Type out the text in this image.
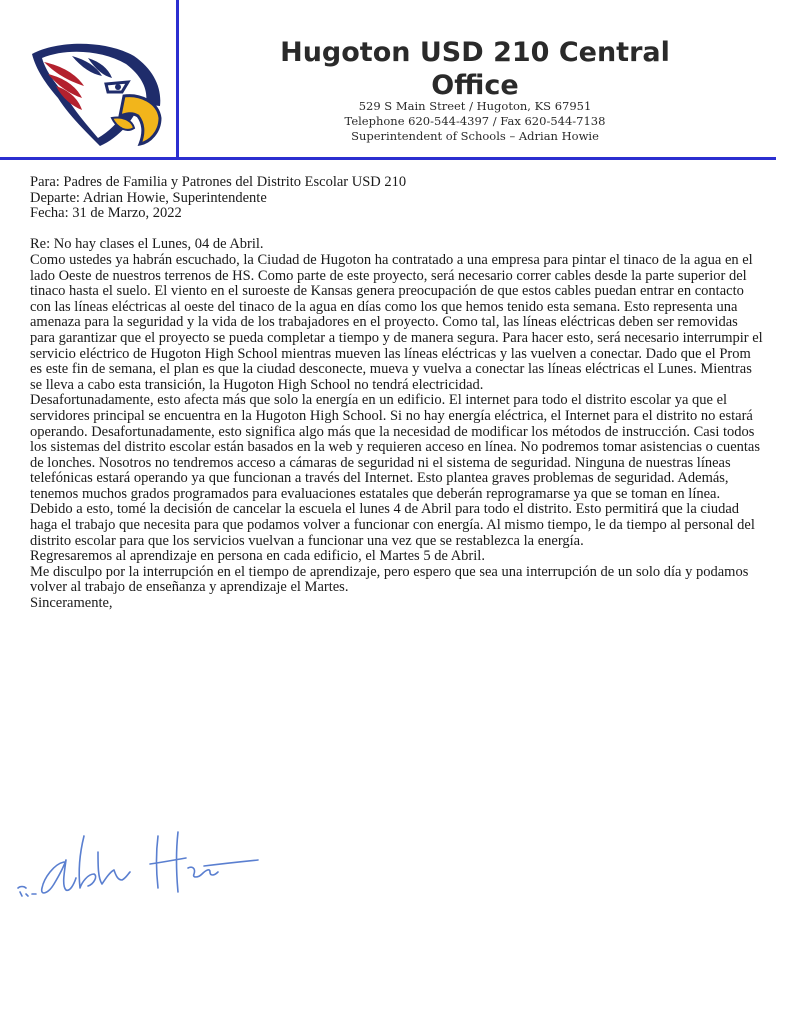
Hugoton USD 210 Central
Office
529 S Main Street / Hugoton, KS 67951
Telephone 620-544-4397 / Fax 620-544-7138
Superintendent of Schools – Adrian Howie

Para: Padres de Familia y Patrones del Distrito Escolar USD 210

Departe: Adrian Howie, Superintendente

Fecha: 31 de Marzo, 2022

Re: No hay clases el Lunes, 04 de Abril.

Como ustedes ya habrán escuchado, la Ciudad de Hugoton ha contratado a una empresa para pintar el tinaco de la agua en el lado Oeste de nuestros terrenos de HS. Como parte de este proyecto, será necesario correr cables desde la parte superior del tinaco hasta el suelo. El viento en el suroeste de Kansas genera preocupación de que estos cables puedan entrar en contacto con las líneas eléctricas al oeste del tinaco de la agua en días como los que hemos tenido esta semana. Esto representa una amenaza para la seguridad y la vida de los trabajadores en el proyecto. Como tal, las líneas eléctricas deben ser removidas para garantizar que el proyecto se pueda completar a tiempo y de manera segura. Para hacer esto, será necesario interrumpir el servicio eléctrico de Hugoton High School mientras mueven las líneas eléctricas y las vuelven a conectar. Dado que el Prom es este fin de semana, el plan es que la ciudad desconecte, mueva y vuelva a conectar las líneas eléctricas el Lunes. Mientras se lleva a cabo esta transición, la Hugoton High School no tendrá electricidad.

Desafortunadamente, esto afecta más que solo la energía en un edificio. El internet para todo el distrito escolar ya que el servidores principal se encuentra en la Hugoton High School. Si no hay energía eléctrica, el Internet para el distrito no estará operando. Desafortunadamente, esto significa algo más que la necesidad de modificar los métodos de instrucción. Casi todos los sistemas del distrito escolar están basados en la web y requieren acceso en línea. No podremos tomar asistencias o cuentas de lonches. Nosotros no tendremos acceso a cámaras de seguridad ni el sistema de seguridad. Ninguna de nuestras líneas telefónicas estará operando ya que funcionan a través del Internet. Esto plantea graves problemas de seguridad. Además, tenemos muchos grados programados para evaluaciones estatales que deberán reprogramarse ya que se toman en línea.

Debido a esto, tomé la decisión de cancelar la escuela el lunes 4 de Abril para todo el distrito. Esto permitirá que la ciudad haga el trabajo que necesita para que podamos volver a funcionar con energía. Al mismo tiempo, le da tiempo al personal del distrito escolar para que los servicios vuelvan a funcionar una vez que se restablezca la energía.

Regresaremos al aprendizaje en persona en cada edificio, el Martes 5 de Abril.

Me disculpo por la interrupción en el tiempo de aprendizaje, pero espero que sea una interrupción de un solo día y podamos volver al trabajo de enseñanza y aprendizaje el Martes.

Sinceramente,
